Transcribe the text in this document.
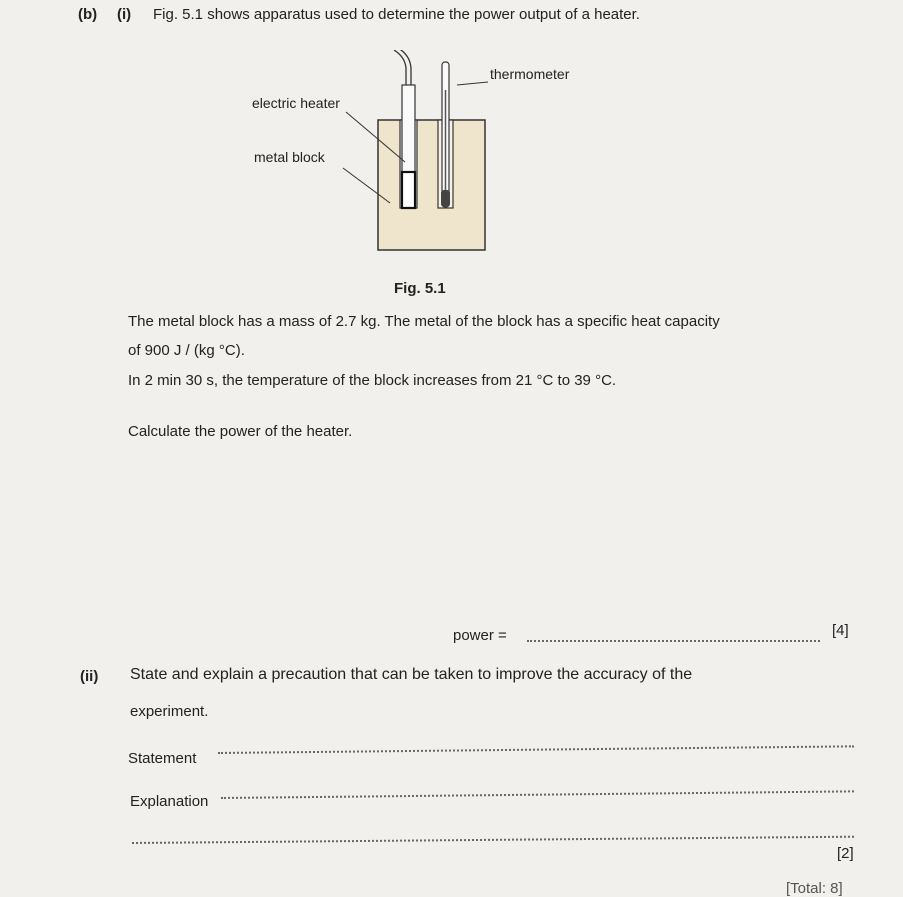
(b) (i) Fig. 5.1 shows apparatus used to determine the power output of a heater.
thermometer
electric heater
metal block
Fig. 5.1
The metal block has a mass of 2.7 kg. The metal of the block has a specific heat capacity
of 900 J / (kg °C).
In 2 min 30 s, the temperature of the block increases from 21 °C to 39 °C.
Calculate the power of the heater.
power =	[4]
(ii) State and explain a precaution that can be taken to improve the accuracy of the
experiment.
Statement
Explanation
[2]
[Total: 8]
